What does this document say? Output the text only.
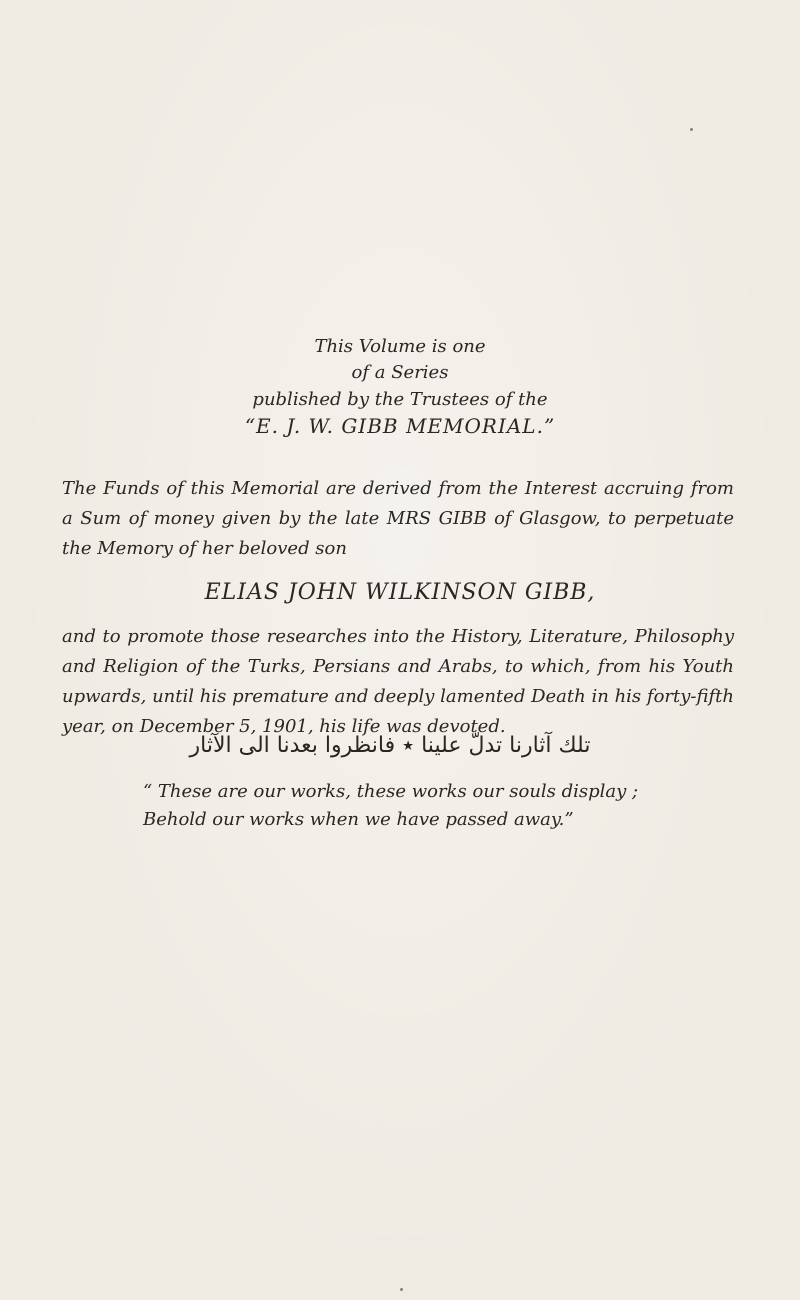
This Volume is one
of a Series
published by the Trustees of the
“E. J. W. GIBB MEMORIAL.”
The Funds of this Memorial are derived from the Interest accruing from a Sum of money given by the late MRS GIBB of Glasgow, to perpetuate the Memory of her beloved son
ELIAS JOHN WILKINSON GIBB,
and to promote those researches into the History, Literature, Philosophy and Religion of the Turks, Persians and Arabs, to which, from his Youth upwards, until his premature and deeply lamented Death in his forty-fifth year, on December 5, 1901, his life was devoted.
تلك آثارنا تدلّ علينا ٭ فانظروا بعدنا الى الآثار
“ These are our works, these works our souls display ;
Behold our works when we have passed away.”
